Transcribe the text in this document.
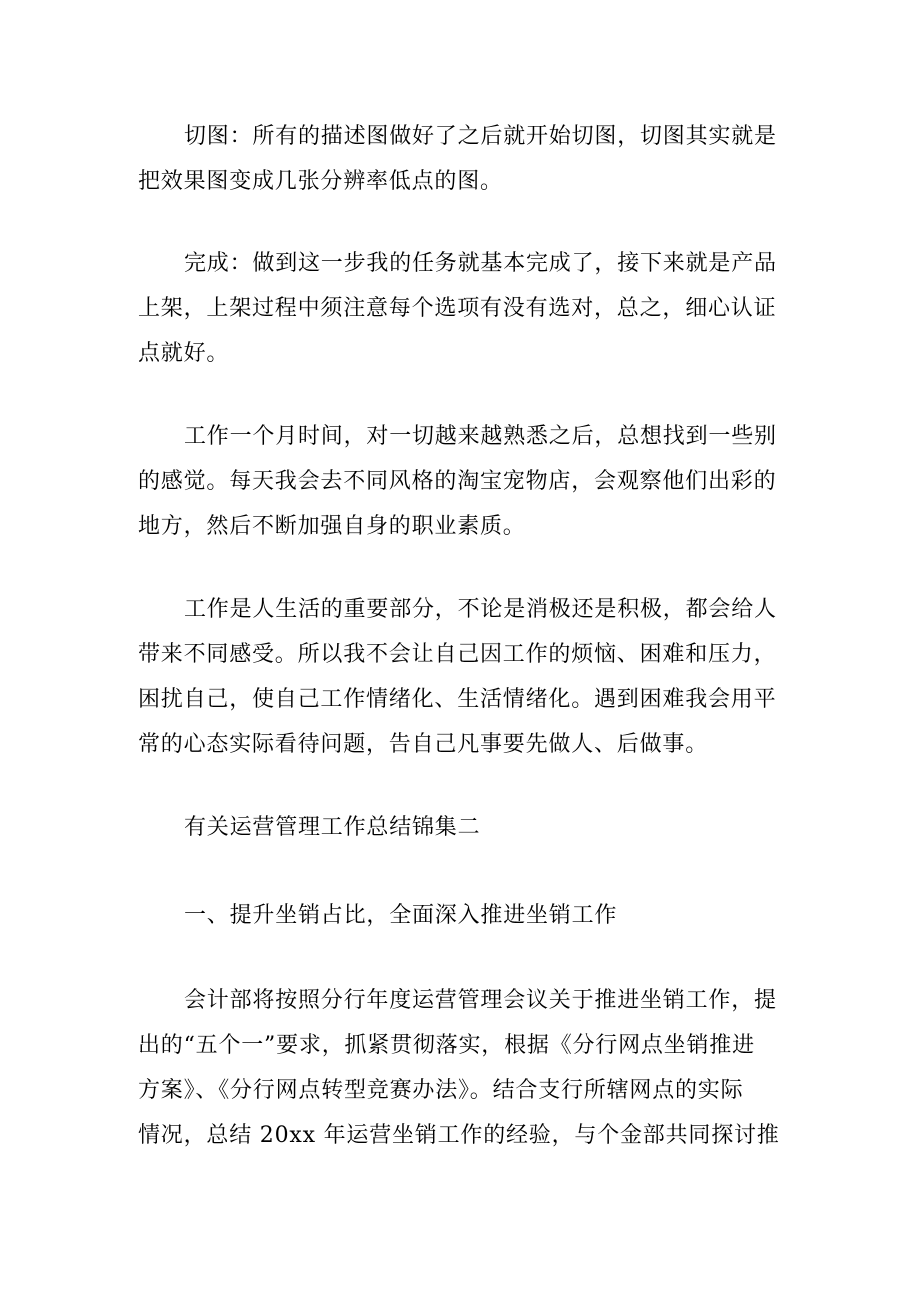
切图：所有的描述图做好了之后就开始切图，切图其实就是
把效果图变成几张分辨率低点的图。
完成：做到这一步我的任务就基本完成了，接下来就是产品
上架，上架过程中须注意每个选项有没有选对，总之，细心认证
点就好。
工作一个月时间，对一切越来越熟悉之后，总想找到一些别
的感觉。每天我会去不同风格的淘宝宠物店，会观察他们出彩的
地方，然后不断加强自身的职业素质。
工作是人生活的重要部分，不论是消极还是积极，都会给人
带来不同感受。所以我不会让自己因工作的烦恼、困难和压力，
困扰自己，使自己工作情绪化、生活情绪化。遇到困难我会用平
常的心态实际看待问题，告自己凡事要先做人、后做事。
有关运营管理工作总结锦集二
一、提升坐销占比，全面深入推进坐销工作
会计部将按照分行年度运营管理会议关于推进坐销工作，提
出的“五个一”要求，抓紧贯彻落实，根据《分行网点坐销推进
方案》、《分行网点转型竞赛办法》。结合支行所辖网点的实际
情况，总结 20xx 年运营坐销工作的经验，与个金部共同探讨推
